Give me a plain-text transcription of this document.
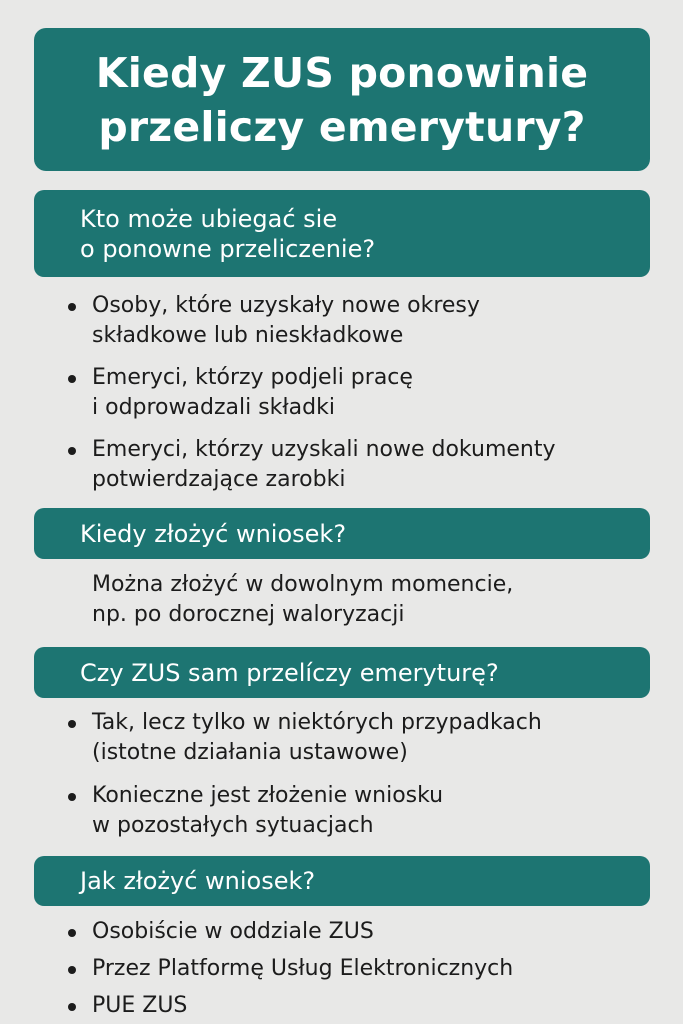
Kiedy ZUS ponowinie
przeliczy emerytury?
Kto może ubiegać sie
o ponowne przeliczenie?
Osoby, które uzyskały nowe okresy
składkowe lub nieskładkowe
Emeryci, którzy podjeli pracę
i odprowadzali składki
Emeryci, którzy uzyskali nowe dokumenty
potwierdzające zarobki
Kiedy złożyć wniosek?
Można złożyć w dowolnym momencie,
np. po dorocznej waloryzacji
Czy ZUS sam przelíczy emeryturę?
Tak, lecz tylko w niektórych przypadkach
(istotne działania ustawowe)
Konieczne jest złożenie wniosku
w pozostałych sytuacjach
Jak złożyć wniosek?
Osobiście w oddziale ZUS
Przez Platformę Usług Elektronicznych
PUE ZUS
